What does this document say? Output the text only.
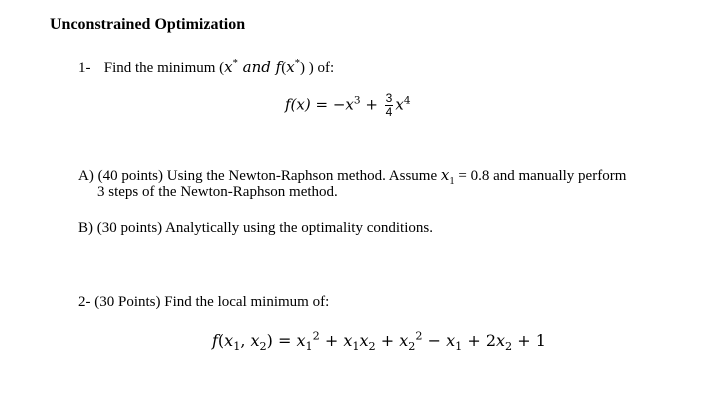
Unconstrained Optimization
1- Find the minimum (x* and f(x*) ) of:
$f(x) = -x^3 + \frac{3}{4} x^4$
A) (40 points) Using the Newton-Raphson method. Assume $x_1 = 0.8$ and manually perform
3 steps of the Newton-Raphson method.
B) (30 points) Analytically using the optimality conditions.
2- (30 Points) Find the local minimum of:
$f(x_1$, $x_2) = x_1^2 + x_1x_2 + x_2^2 - x_1 + 2x_2 + 1$
